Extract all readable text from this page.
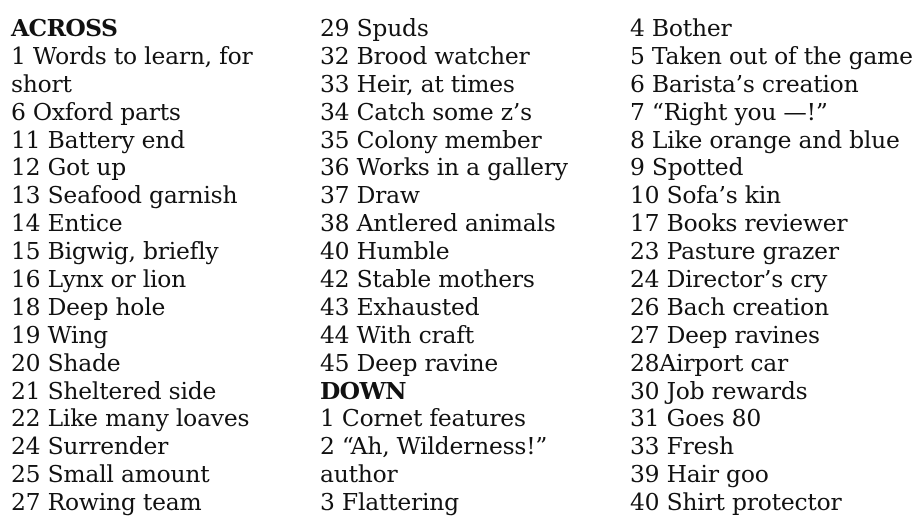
ACROSS
1 Words to learn, for
short
6 Oxford parts
11 Battery end
12 Got up
13 Seafood garnish
14 Entice
15 Bigwig, briefly
16 Lynx or lion
18 Deep hole
19 Wing
20 Shade
21 Sheltered side
22 Like many loaves
24 Surrender
25 Small amount
27 Rowing team
29 Spuds
32 Brood watcher
33 Heir, at times
34 Catch some z’s
35 Colony member
36 Works in a gallery
37 Draw
38 Antlered animals
40 Humble
42 Stable mothers
43 Exhausted
44 With craft
45 Deep ravine
DOWN
1 Cornet features
2 “Ah, Wilderness!”
author
3 Flattering
4 Bother
5 Taken out of the game
6 Barista’s creation
7 “Right you —!”
8 Like orange and blue
9 Spotted
10 Sofa’s kin
17 Books reviewer
23 Pasture grazer
24 Director’s cry
26 Bach creation
27 Deep ravines
28Airport car
30 Job rewards
31 Goes 80
33 Fresh
39 Hair goo
40 Shirt protector
